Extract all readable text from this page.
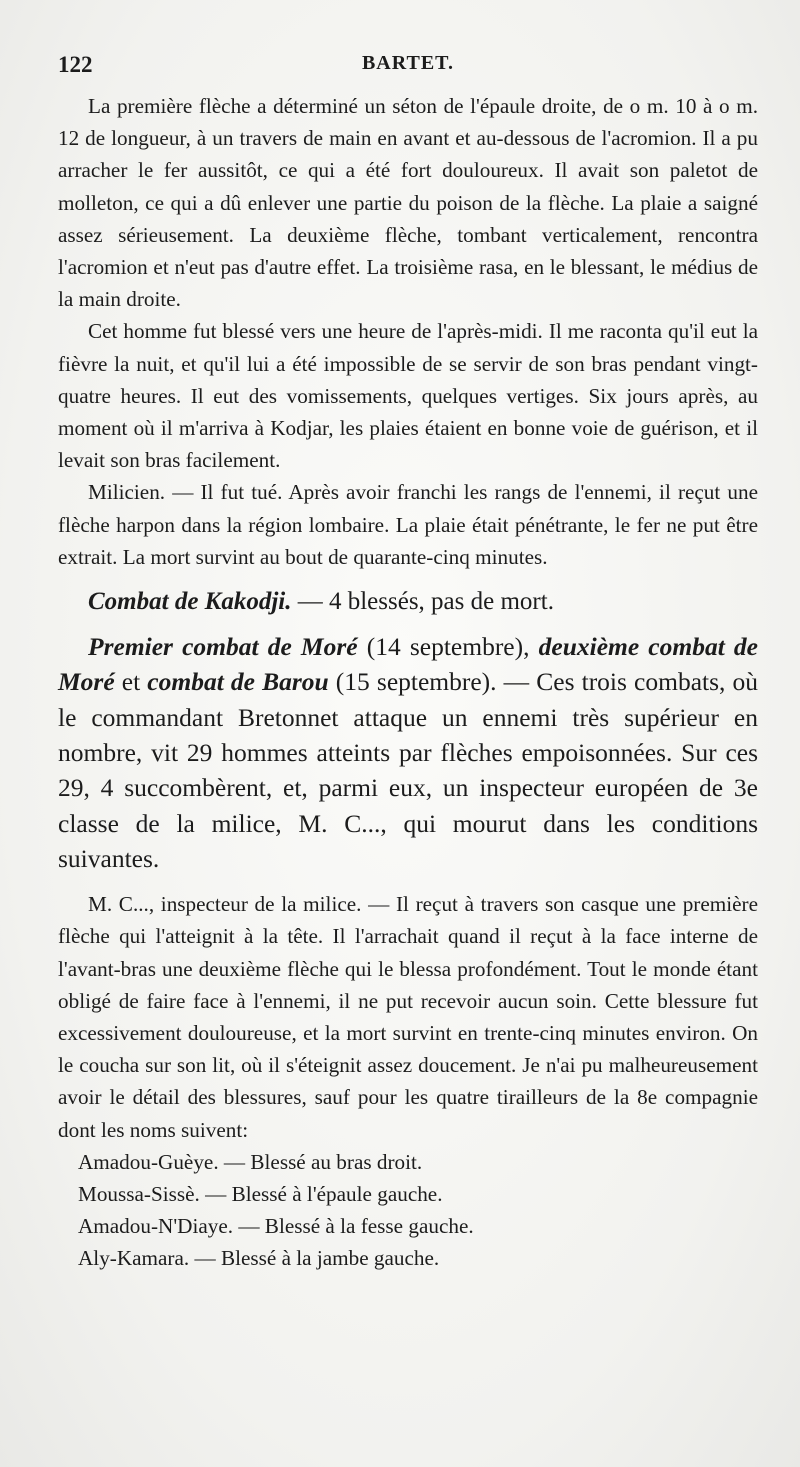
122	BARTET.

La première flèche a déterminé un séton de l'épaule droite, de o m. 10 à o m. 12 de longueur, à un travers de main en avant et au-dessous de l'acromion. Il a pu arracher le fer aussitôt, ce qui a été fort douloureux. Il avait son paletot de molleton, ce qui a dû enlever une partie du poison de la flèche. La plaie a saigné assez sérieusement. La deuxième flèche, tombant verticalement, rencontra l'acromion et n'eut pas d'autre effet. La troisième rasa, en le blessant, le médius de la main droite.

Cet homme fut blessé vers une heure de l'après-midi. Il me raconta qu'il eut la fièvre la nuit, et qu'il lui a été impossible de se servir de son bras pendant vingt-quatre heures. Il eut des vomissements, quelques vertiges. Six jours après, au moment où il m'arriva à Kodjar, les plaies étaient en bonne voie de guérison, et il levait son bras facilement.

Milicien. — Il fut tué. Après avoir franchi les rangs de l'ennemi, il reçut une flèche harpon dans la région lombaire. La plaie était pénétrante, le fer ne put être extrait. La mort survint au bout de quarante-cinq minutes.

Combat de Kakodji. — 4 blessés, pas de mort.

Premier combat de Moré (14 septembre), deuxième combat de Moré et combat de Barou (15 septembre). — Ces trois combats, où le commandant Bretonnet attaque un ennemi très supérieur en nombre, vit 29 hommes atteints par flèches empoisonnées. Sur ces 29, 4 succombèrent, et, parmi eux, un inspecteur européen de 3e classe de la milice, M. C..., qui mourut dans les conditions suivantes.

M. C..., inspecteur de la milice. — Il reçut à travers son casque une première flèche qui l'atteignit à la tête. Il l'arrachait quand il reçut à la face interne de l'avant-bras une deuxième flèche qui le blessa profondément. Tout le monde étant obligé de faire face à l'ennemi, il ne put recevoir aucun soin. Cette blessure fut excessivement douloureuse, et la mort survint en trente-cinq minutes environ. On le coucha sur son lit, où il s'éteignit assez doucement. Je n'ai pu malheureusement avoir le détail des blessures, sauf pour les quatre tirailleurs de la 8e compagnie dont les noms suivent:

Amadou-Guèye. — Blessé au bras droit.

Moussa-Sissè. — Blessé à l'épaule gauche.

Amadou-N'Diaye. — Blessé à la fesse gauche.

Aly-Kamara. — Blessé à la jambe gauche.
